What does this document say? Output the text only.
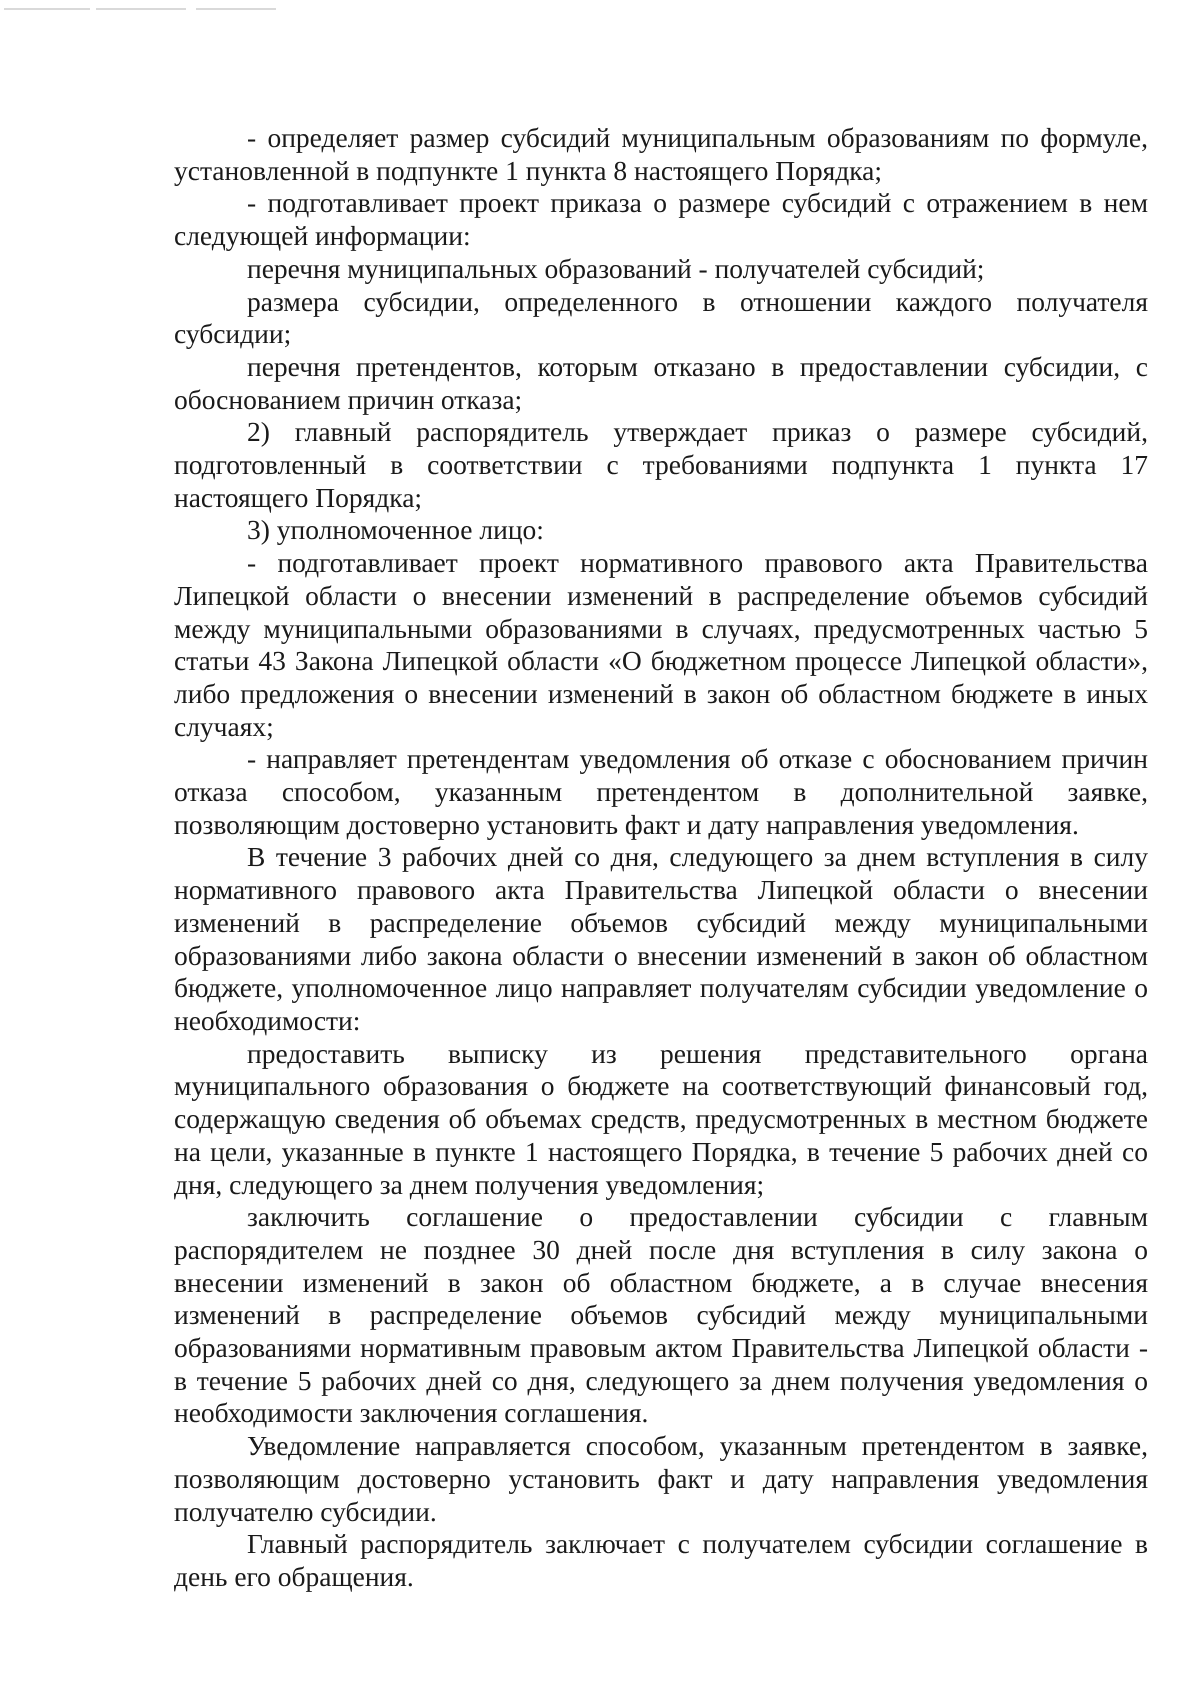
- определяет размер субсидий муниципальным образованиям по формуле, установленной в подпункте 1 пункта 8 настоящего Порядка;

- подготавливает проект приказа о размере субсидий с отражением в нем следующей информации:

перечня муниципальных образований - получателей субсидий;

размера субсидии, определенного в отношении каждого получателя субсидии;

перечня претендентов, которым отказано в предоставлении субсидии, с обоснованием причин отказа;

2) главный распорядитель утверждает приказ о размере субсидий, подготовленный в соответствии с требованиями подпункта 1 пункта 17 настоящего Порядка;

3) уполномоченное лицо:

- подготавливает проект нормативного правового акта Правительства Липецкой области о внесении изменений в распределение объемов субсидий между муниципальными образованиями в случаях, предусмотренных частью 5 статьи 43 Закона Липецкой области «О бюджетном процессе Липецкой области», либо предложения о внесении изменений в закон об областном бюджете в иных случаях;

- направляет претендентам уведомления об отказе с обоснованием причин отказа способом, указанным претендентом в дополнительной заявке, позволяющим достоверно установить факт и дату направления уведомления.

В течение 3 рабочих дней со дня, следующего за днем вступления в силу нормативного правового акта Правительства Липецкой области о внесении изменений в распределение объемов субсидий между муниципальными образованиями либо закона области о внесении изменений в закон об областном бюджете, уполномоченное лицо направляет получателям субсидии уведомление о необходимости:

предоставить выписку из решения представительного органа муниципального образования о бюджете на соответствующий финансовый год, содержащую сведения об объемах средств, предусмотренных в местном бюджете на цели, указанные в пункте 1 настоящего Порядка, в течение 5 рабочих дней со дня, следующего за днем получения уведомления;

заключить соглашение о предоставлении субсидии с главным распорядителем не позднее 30 дней после дня вступления в силу закона о внесении изменений в закон об областном бюджете, а в случае внесения изменений в распределение объемов субсидий между муниципальными образованиями нормативным правовым актом Правительства Липецкой области - в течение 5 рабочих дней со дня, следующего за днем получения уведомления о необходимости заключения соглашения.

Уведомление направляется способом, указанным претендентом в заявке, позволяющим достоверно установить факт и дату направления уведомления получателю субсидии.

Главный распорядитель заключает с получателем субсидии соглашение в день его обращения.
